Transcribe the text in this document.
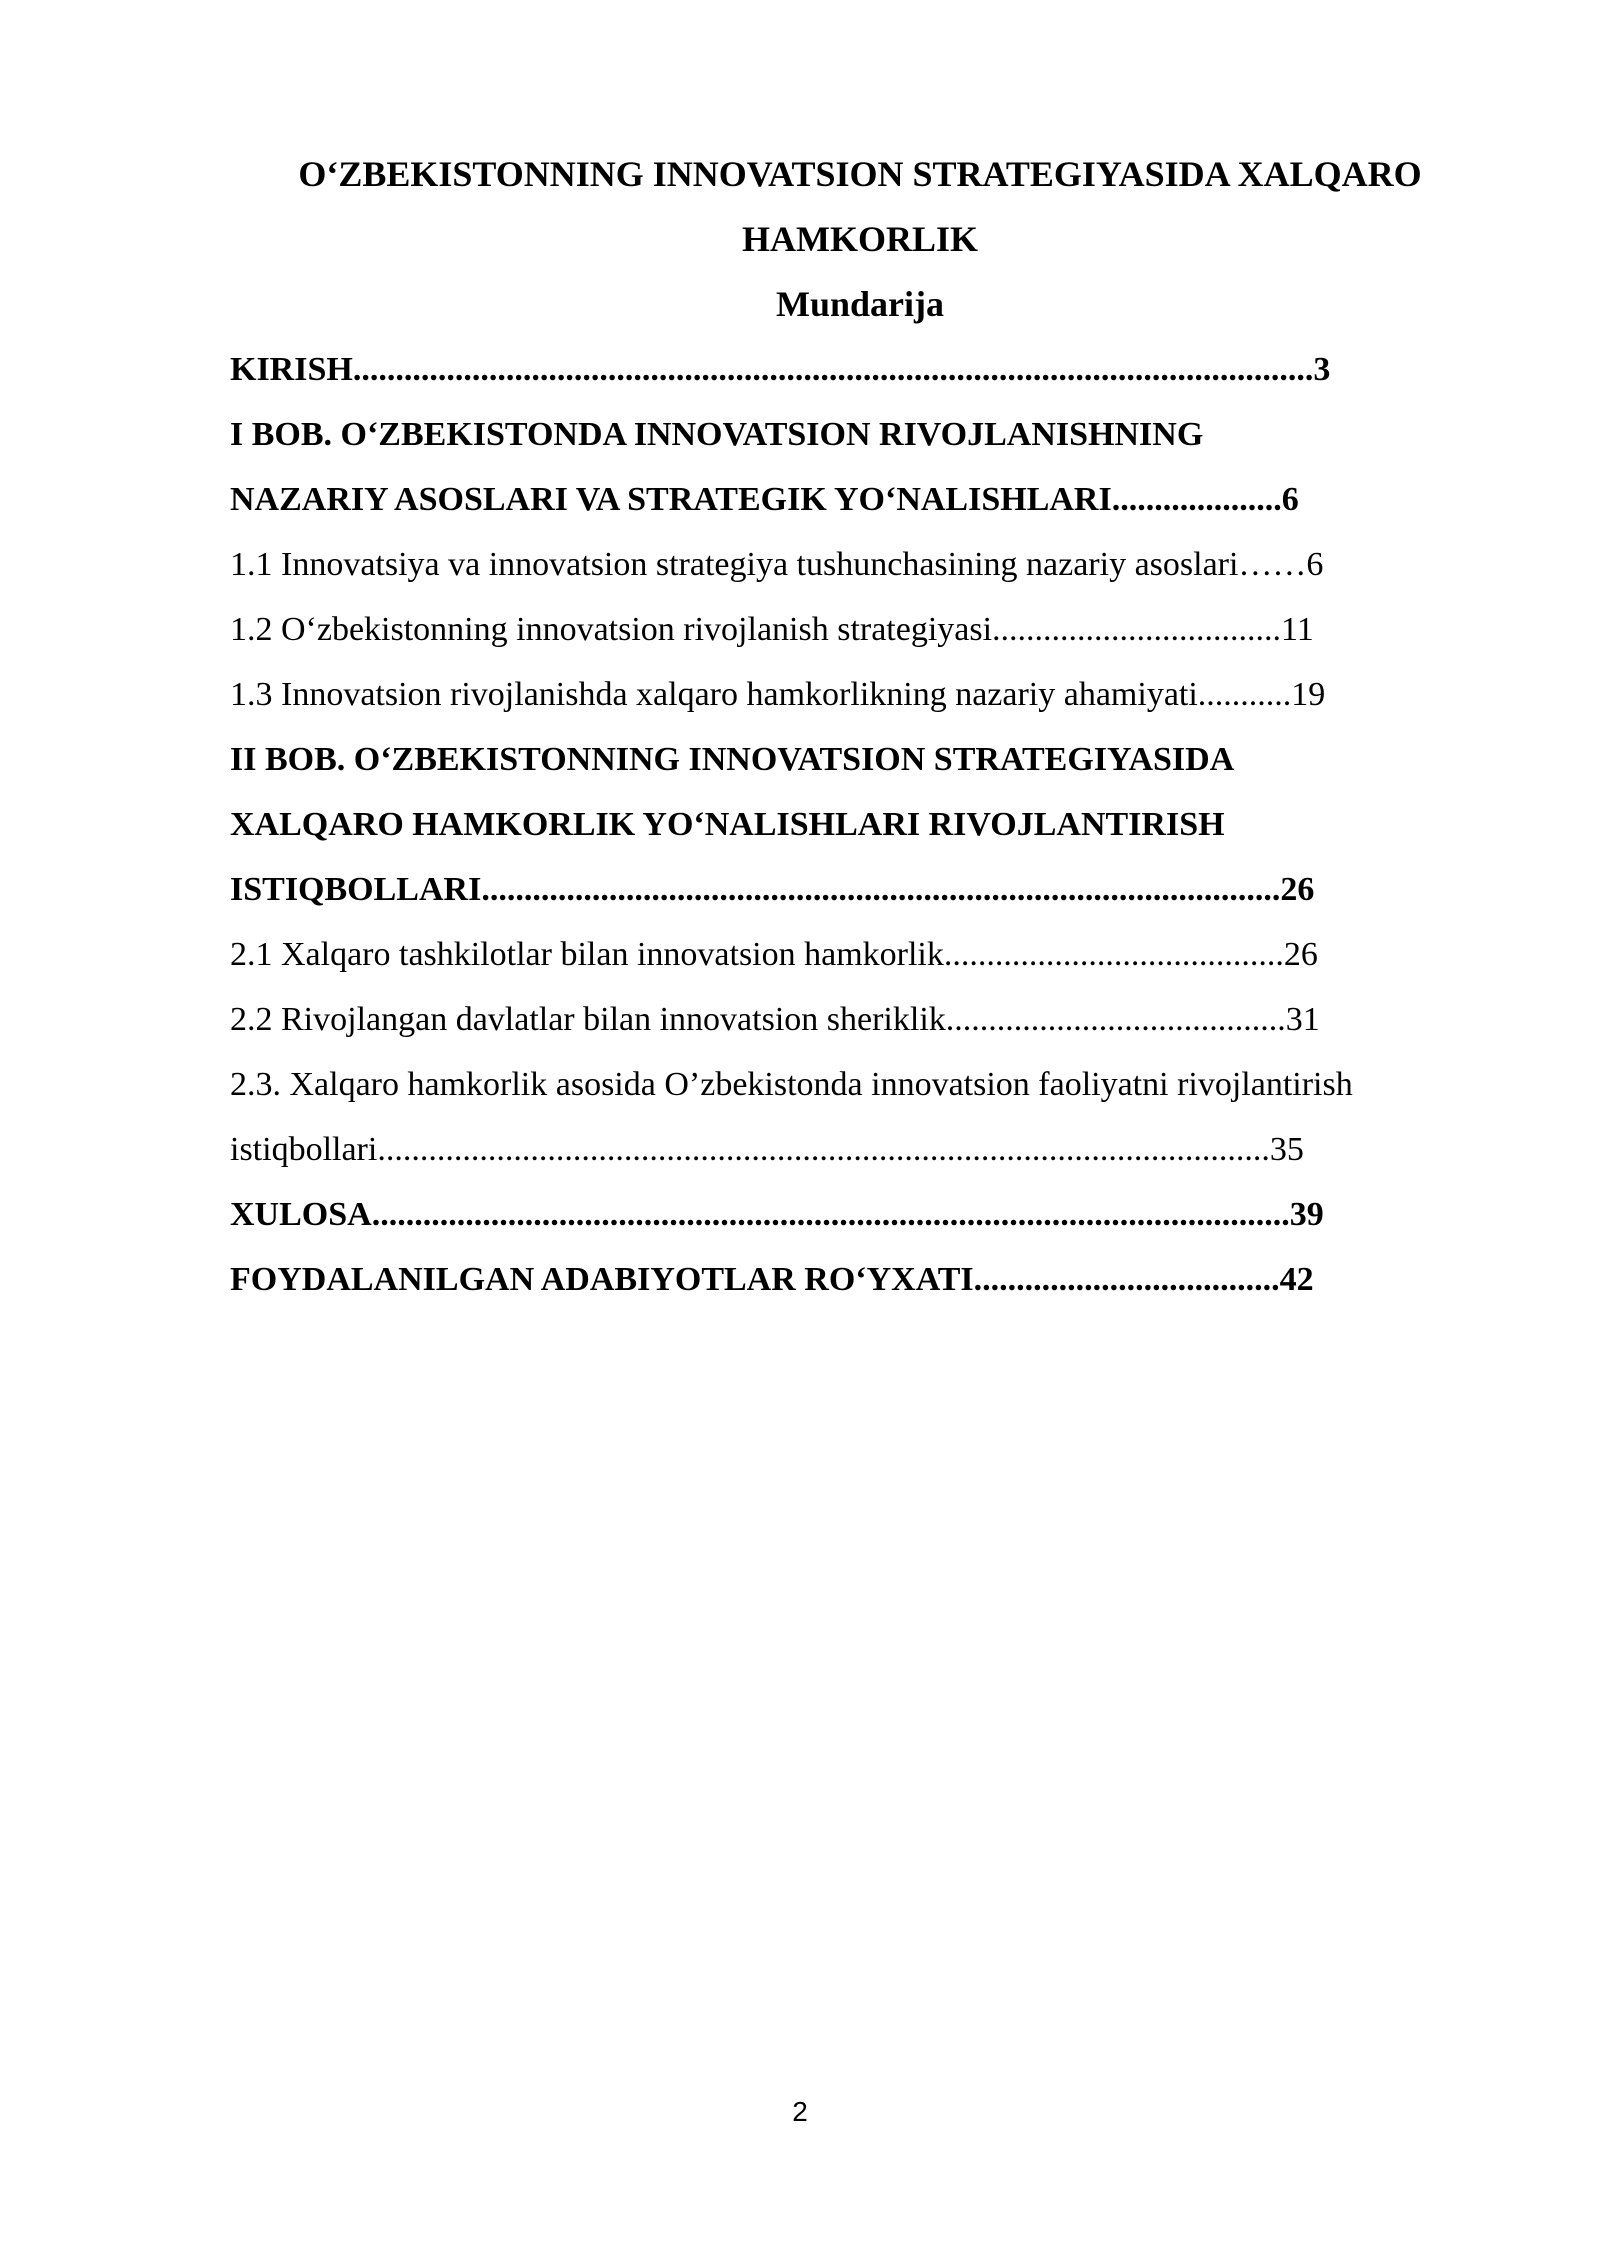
O‘ZBEKISTONNING INNOVATSION STRATEGIYASIDA XALQARO
HAMKORLIK
Mundarija
KIRISH.................................................................................................................3
I BOB. O‘ZBEKISTONDA INNOVATSION RIVOJLANISHNING
NAZARIY ASOSLARI VA STRATEGIK YO‘NALISHLARI....................6
1.1 Innovatsiya va innovatsion strategiya tushunchasining nazariy asoslari……6
1.2 O‘zbekistonning innovatsion rivojlanish strategiyasi..................................11
1.3 Innovatsion rivojlanishda xalqaro hamkorlikning nazariy ahamiyati...........19
II BOB. O‘ZBEKISTONNING INNOVATSION STRATEGIYASIDA
XALQARO HAMKORLIK YO‘NALISHLARI RIVOJLANTIRISH
ISTIQBOLLARI..............................................................................................26
2.1 Xalqaro tashkilotlar bilan innovatsion hamkorlik........................................26
2.2 Rivojlangan davlatlar bilan innovatsion sheriklik........................................31
2.3. Xalqaro hamkorlik asosida O’zbekistonda innovatsion faoliyatni rivojlantirish
istiqbollari.........................................................................................................35
XULOSA............................................................................................................39
FOYDALANILGAN ADABIYOTLAR RO‘YXATI....................................42
2
